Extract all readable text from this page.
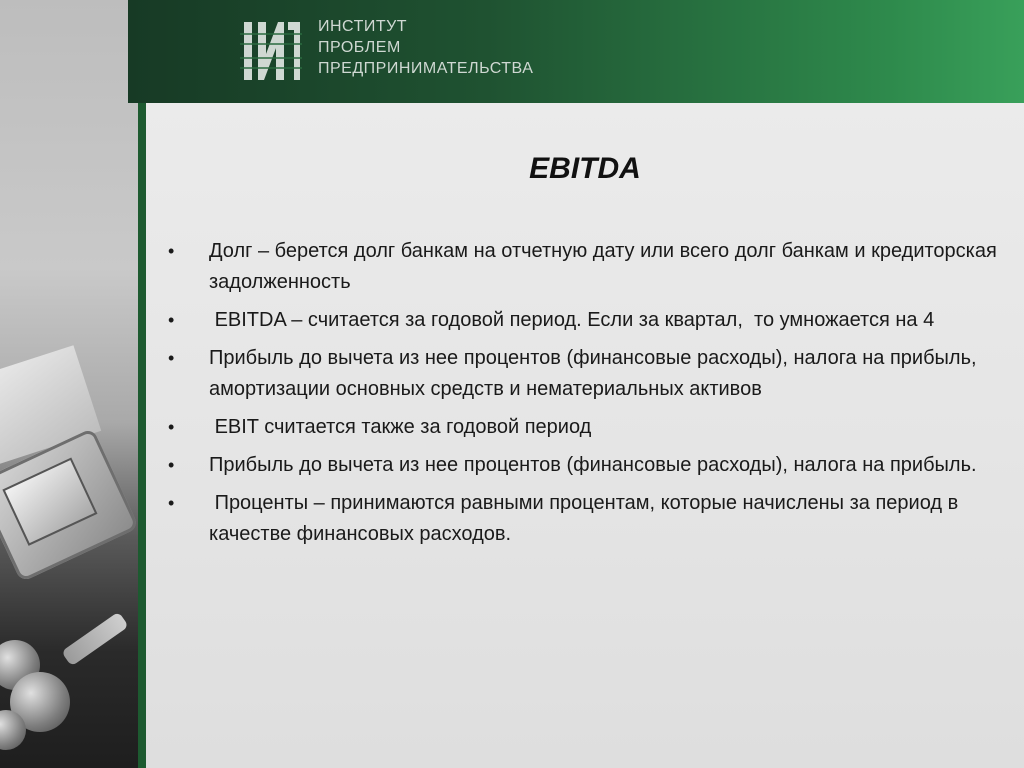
ИНСТИТУТ
ПРОБЛЕМ
ПРЕДПРИНИМАТЕЛЬСТВА
EBITDA
• Долг – берется долг банкам на отчетную дату или всего долг банкам и кредиторская задолженность
• EBITDA – считается за годовой период. Если за квартал,  то умножается на 4
• Прибыль до вычета из нее процентов (финансовые расходы), налога на прибыль, амортизации основных средств и нематериальных активов
• EBIT считается также за годовой период
• Прибыль до вычета из нее процентов (финансовые расходы), налога на прибыль.
• Проценты – принимаются равными процентам, которые начислены за период в качестве финансовых расходов.
